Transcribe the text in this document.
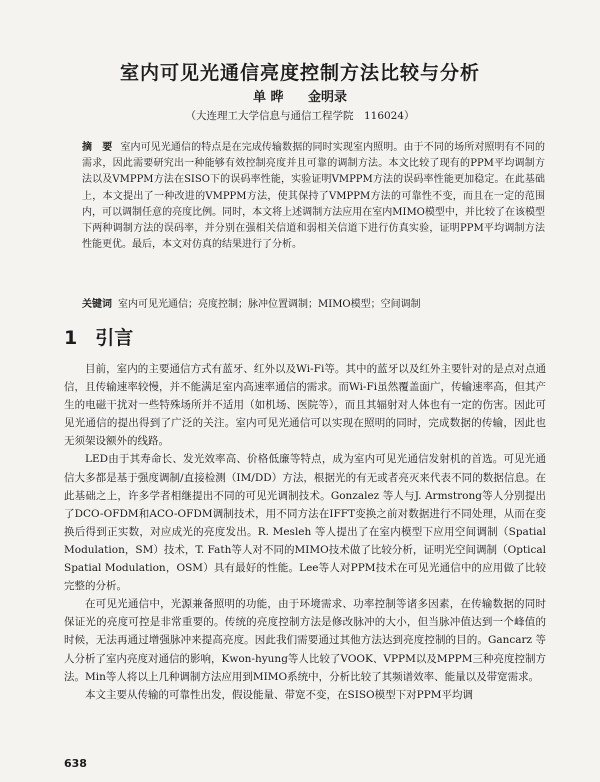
室内可见光通信亮度控制方法比较与分析
单 晔 金明录
（大连理工大学信息与通信工程学院　116024）
摘　要 室内可见光通信的特点是在完成传输数据的同时实现室内照明。由于不同的场所对照明有不同的需求，因此需要研究出一种能够有效控制亮度并且可靠的调制方法。本文比较了现有的PPM平均调制方法以及VMPPM方法在SISO下的误码率性能，实验证明VMPPM方法的误码率性能更加稳定。在此基础上，本文提出了一种改进的VMPPM方法，使其保持了VMPPM方法的可靠性不变，而且在一定的范围内，可以调制任意的亮度比例。同时，本文将上述调制方法应用在室内MIMO模型中，并比较了在该模型下两种调制方法的误码率，并分别在强相关信道和弱相关信道下进行仿真实验，证明PPM平均调制方法性能更优。最后，本文对仿真的结果进行了分析。
关键词 室内可见光通信；亮度控制；脉冲位置调制；MIMO模型；空间调制
1 引言

目前，室内的主要通信方式有蓝牙、红外以及Wi-Fi等。其中的蓝牙以及红外主要针对的是点对点通信，且传输速率较慢，并不能满足室内高速率通信的需求。而Wi-Fi虽然覆盖面广，传输速率高，但其产生的电磁干扰对一些特殊场所并不适用（如机场、医院等），而且其辐射对人体也有一定的伤害。因此可见光通信的提出得到了广泛的关注。室内可见光通信可以实现在照明的同时，完成数据的传输，因此也无须架设额外的线路。

LED由于其寿命长、发光效率高、价格低廉等特点，成为室内可见光通信发射机的首选。可见光通信大多都是基于强度调制/直接检测（IM/DD）方法，根据光的有无或者亮灭来代表不同的数据信息。在此基础之上，许多学者相继提出不同的可见光调制技术。Gonzalez 等人与J. Armstrong等人分别提出了DCO-OFDM和ACO-OFDM调制技术，用不同方法在IFFT变换之前对数据进行不同处理，从而在变换后得到正实数，对应成光的亮度发出。R. Mesleh 等人提出了在室内模型下应用空间调制（Spatial Modulation，SM）技术，T. Fath等人对不同的MIMO技术做了比较分析，证明光空间调制（Optical Spatial Modulation，OSM）具有最好的性能。Lee等人对PPM技术在可见光通信中的应用做了比较完整的分析。

在可见光通信中，光源兼备照明的功能，由于环境需求、功率控制等诸多因素，在传输数据的同时保证光的亮度可控是非常重要的。传统的亮度控制方法是修改脉冲的大小，但当脉冲值达到一个峰值的时候，无法再通过增强脉冲来提高亮度。因此我们需要通过其他方法达到亮度控制的目的。Gancarz 等人分析了室内亮度对通信的影响，Kwon-hyung等人比较了VOOK、VPPM以及MPPM三种亮度控制方法。Min等人将以上几种调制方法应用到MIMO系统中，分析比较了其频谱效率、能量以及带宽需求。

本文主要从传输的可靠性出发，假设能量、带宽不变，在SISO模型下对PPM平均调

638
